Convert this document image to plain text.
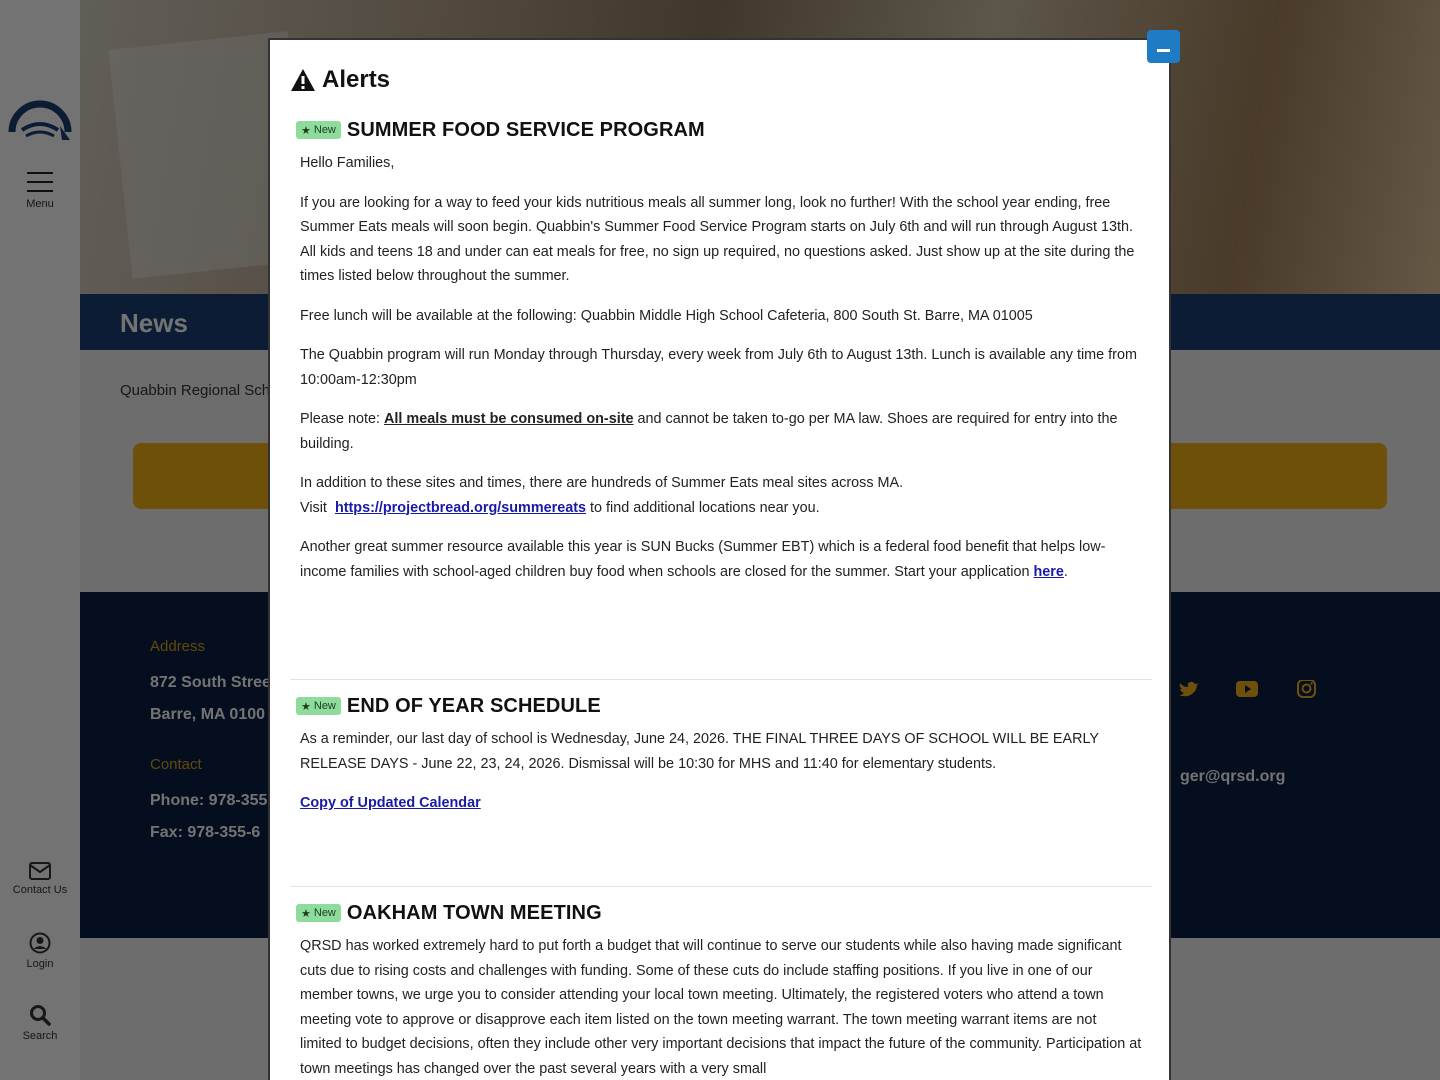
Alerts
★ New SUMMER FOOD SERVICE PROGRAM

Hello Families,

If you are looking for a way to feed your kids nutritious meals all summer long, look no further! With the school year ending, free Summer Eats meals will soon begin. Quabbin's Summer Food Service Program starts on July 6th and will run through August 13th. All kids and teens 18 and under can eat meals for free, no sign up required, no questions asked. Just show up at the site during the times listed below throughout the summer.

Free lunch will be available at the following: Quabbin Middle High School Cafeteria, 800 South St. Barre, MA 01005

The Quabbin program will run Monday through Thursday, every week from July 6th to August 13th. Lunch is available any time from 10:00am-12:30pm

Please note: All meals must be consumed on-site and cannot be taken to-go per MA law. Shoes are required for entry into the building.

In addition to these sites and times, there are hundreds of Summer Eats meal sites across MA.
Visit  https://projectbread.org/summereats to find additional locations near you.

Another great summer resource available this year is SUN Bucks (Summer EBT) which is a federal food benefit that helps low-income families with school-aged children buy food when schools are closed for the summer. Start your application here.

★ New END OF YEAR SCHEDULE

As a reminder, our last day of school is Wednesday, June 24, 2026. THE FINAL THREE DAYS OF SCHOOL WILL BE EARLY RELEASE DAYS - June 22, 23, 24, 2026. Dismissal will be 10:30 for MHS and 11:40 for elementary students.

Copy of Updated Calendar

★ New OAKHAM TOWN MEETING

QRSD has worked extremely hard to put forth a budget that will continue to serve our students while also having made significant cuts due to rising costs and challenges with funding. Some of these cuts do include staffing positions. If you live in one of our member towns, we urge you to consider attending your local town meeting. Ultimately, the registered voters who attend a town meeting vote to approve or disapprove each item listed on the town meeting warrant. The town meeting warrant items are not limited to budget decisions, often they include other very important decisions that impact the future of the community. Participation at town meetings has changed over the past several years with a very small
